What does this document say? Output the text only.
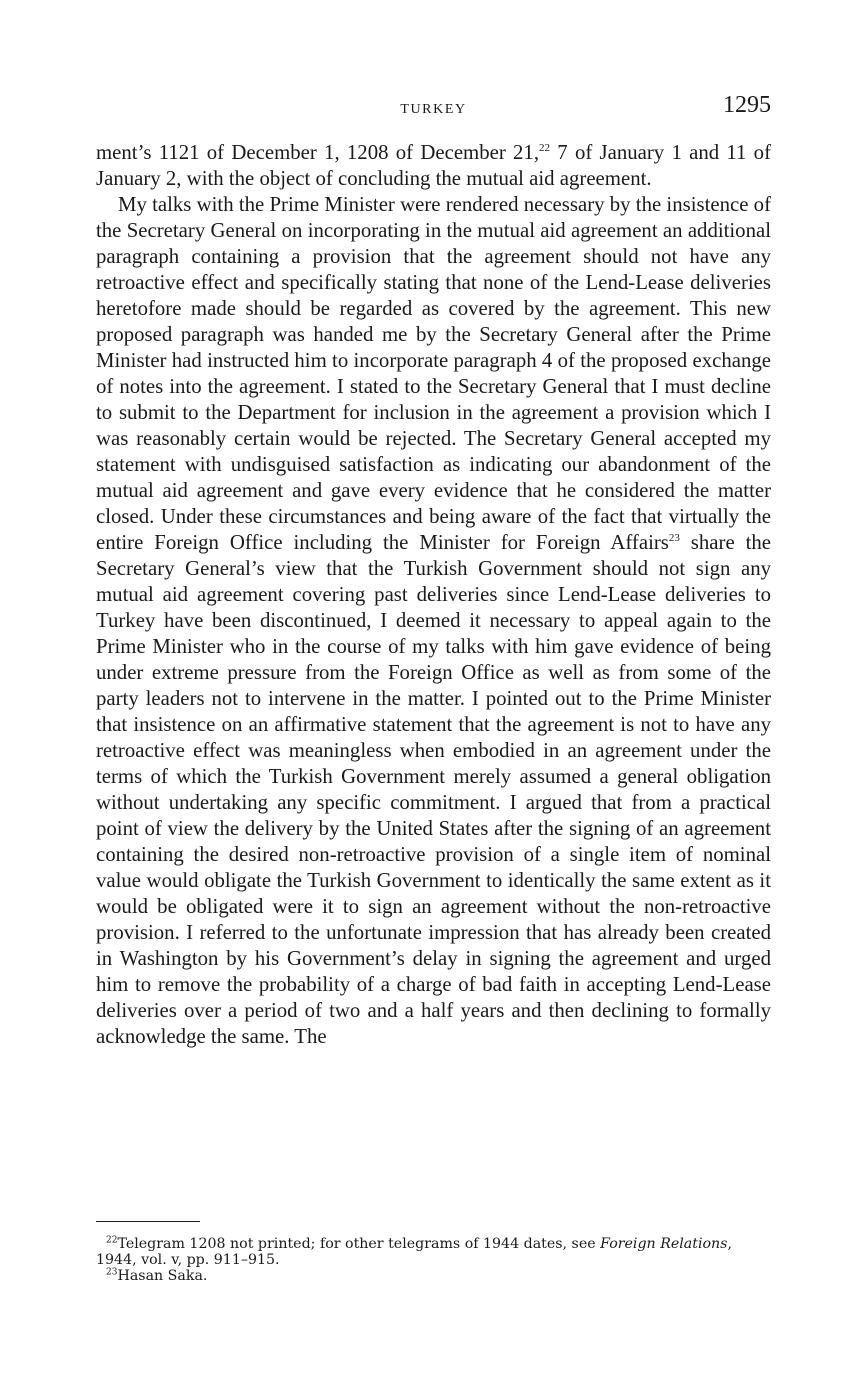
TURKEY	1295

ment’s 1121 of December 1, 1208 of December 21,22 7 of January 1 and 11 of January 2, with the object of concluding the mutual aid agreement.

My talks with the Prime Minister were rendered necessary by the insistence of the Secretary General on incorporating in the mutual aid agreement an additional paragraph containing a provision that the agreement should not have any retroactive effect and specifically stating that none of the Lend-Lease deliveries heretofore made should be regarded as covered by the agreement. This new proposed paragraph was handed me by the Secretary General after the Prime Minister had instructed him to incorporate paragraph 4 of the proposed exchange of notes into the agreement. I stated to the Secretary General that I must decline to submit to the Department for inclusion in the agreement a provision which I was reasonably certain would be rejected. The Secretary General accepted my statement with undisguised satisfaction as indicating our abandonment of the mutual aid agreement and gave every evidence that he considered the matter closed. Under these circumstances and being aware of the fact that virtually the entire Foreign Office including the Minister for Foreign Affairs$^{23}$ share the Secretary General’s view that the Turkish Government should not sign any mutual aid agreement covering past deliveries since Lend-Lease deliveries to Turkey have been discontinued, I deemed it necessary to appeal again to the Prime Minister who in the course of my talks with him gave evidence of being under extreme pressure from the Foreign Office as well as from some of the party leaders not to intervene in the matter. I pointed out to the Prime Minister that insistence on an affirmative statement that the agreement is not to have any retroactive effect was meaningless when embodied in an agreement under the terms of which the Turkish Government merely assumed a general obligation without undertaking any specific commitment. I argued that from a practical point of view the delivery by the United States after the signing of an agreement containing the desired non-retroactive provision of a single item of nominal value would obligate the Turkish Government to identically the same extent as it would be obligated were it to sign an agreement without the non-retroactive provision. I referred to the unfortunate impression that has already been created in Washington by his Government’s delay in signing the agreement and urged him to remove the probability of a charge of bad faith in accepting Lend-Lease deliveries over a period of two and a half years and then declining to formally acknowledge the same. The

$^{22}$Telegram 1208 not printed; for other telegrams of 1944 dates, see Foreign Relations, 1944, vol. v, pp. 911–915.

$^{23}$Hasan Saka.
